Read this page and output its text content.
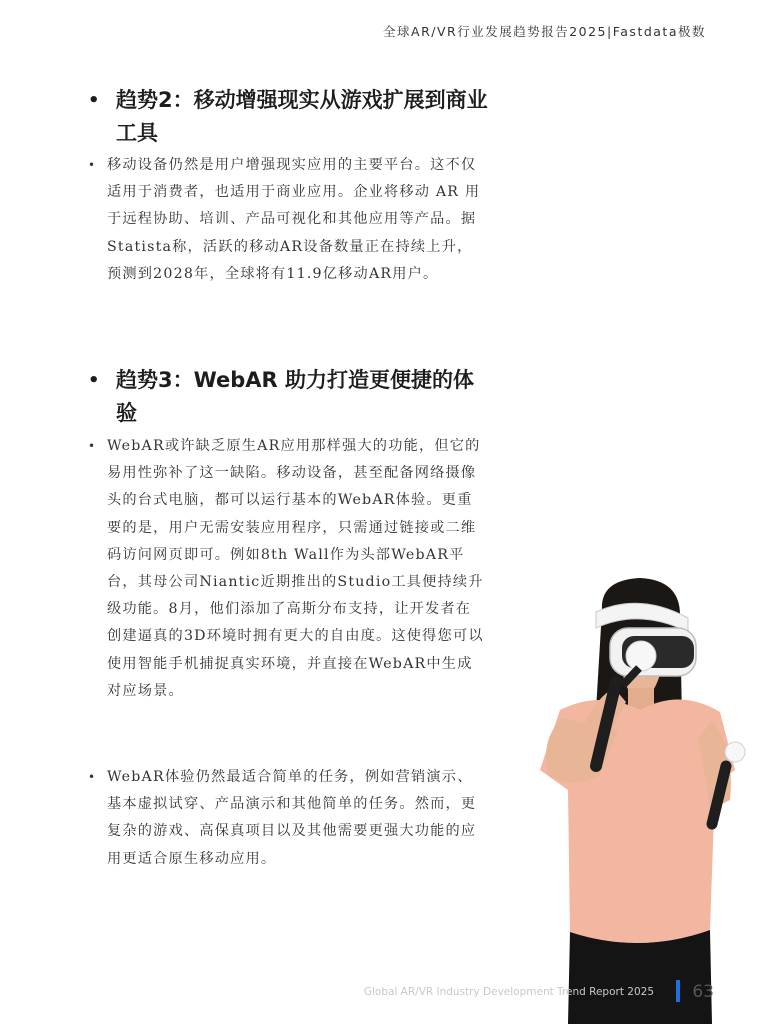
全球AR/VR行业发展趋势报告2025|Fastdata极数
• 趋势2：移动增强现实从游戏扩展到商业工具
• 移动设备仍然是用户增强现实应用的主要平台。这不仅适用于消费者，也适用于商业应用。企业将移动 AR 用于远程协助、培训、产品可视化和其他应用等产品。据Statista称，活跃的移动AR设备数量正在持续上升，预测到2028年，全球将有11.9亿移动AR用户。
• 趋势3：WebAR 助力打造更便捷的体验
• WebAR或许缺乏原生AR应用那样强大的功能，但它的易用性弥补了这一缺陷。移动设备，甚至配备网络摄像头的台式电脑，都可以运行基本的WebAR体验。更重要的是，用户无需安装应用程序，只需通过链接或二维码访问网页即可。例如8th Wall作为头部WebAR平台，其母公司Niantic近期推出的Studio工具便持续升级功能。8月，他们添加了高斯分布支持，让开发者在创建逼真的3D环境时拥有更大的自由度。这使得您可以使用智能手机捕捉真实环境，并直接在WebAR中生成对应场景。
• WebAR体验仍然最适合简单的任务，例如营销演示、基本虚拟试穿、产品演示和其他简单的任务。然而，更复杂的游戏、高保真项目以及其他需要更强大功能的应用更适合原生移动应用。
Global AR/VR Industry Development Trend Report 2025 63
